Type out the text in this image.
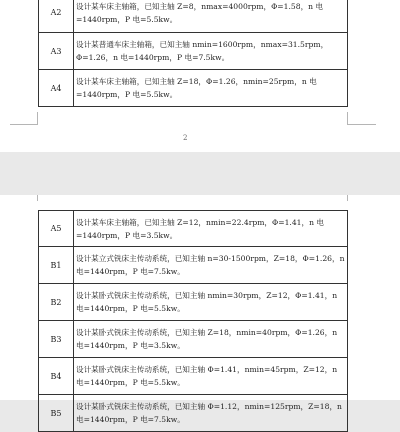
A2	设计某车床主轴箱，已知主轴 Z=8，nmax=4000rpm，Φ=1.58，n 电=1440rpm，P 电=5.5kw。
A3	设计某普通车床主轴箱，已知主轴 nmin=1600rpm，nmax=31.5rpm，Φ=1.26，n 电=1440rpm，P 电=7.5kw。
A4	设计某车床主轴箱，已知主轴 Z=18，Φ=1.26，nmin=25rpm，n 电=1440rpm，P 电=5.5kw。
2
A5	设计某车床主轴箱，已知主轴 Z=12，nmin=22.4rpm，Φ=1.41，n 电=1440rpm，P 电=3.5kw。
B1	设计某立式铣床主传动系统，已知主轴 n=30-1500rpm，Z=18，Φ=1.26，n 电=1440rpm，P 电=7.5kw。
B2	设计某卧式铣床主传动系统，已知主轴 nmin=30rpm，Z=12，Φ=1.41，n 电=1440rpm，P 电=5.5kw。
B3	设计某卧式铣床主传动系统，已知主轴 Z=18，nmin=40rpm，Φ=1.26，n 电=1440rpm，P 电=3.5kw。
B4	设计某卧式铣床主传动系统，已知主轴 Φ=1.41，nmin=45rpm，Z=12，n 电=1440rpm，P 电=5.5kw。
B5	设计某卧式铣床主传动系统，已知主轴 Φ=1.12，nmin=125rpm，Z=18，n 电=1440rpm，P 电=7.5kw。
